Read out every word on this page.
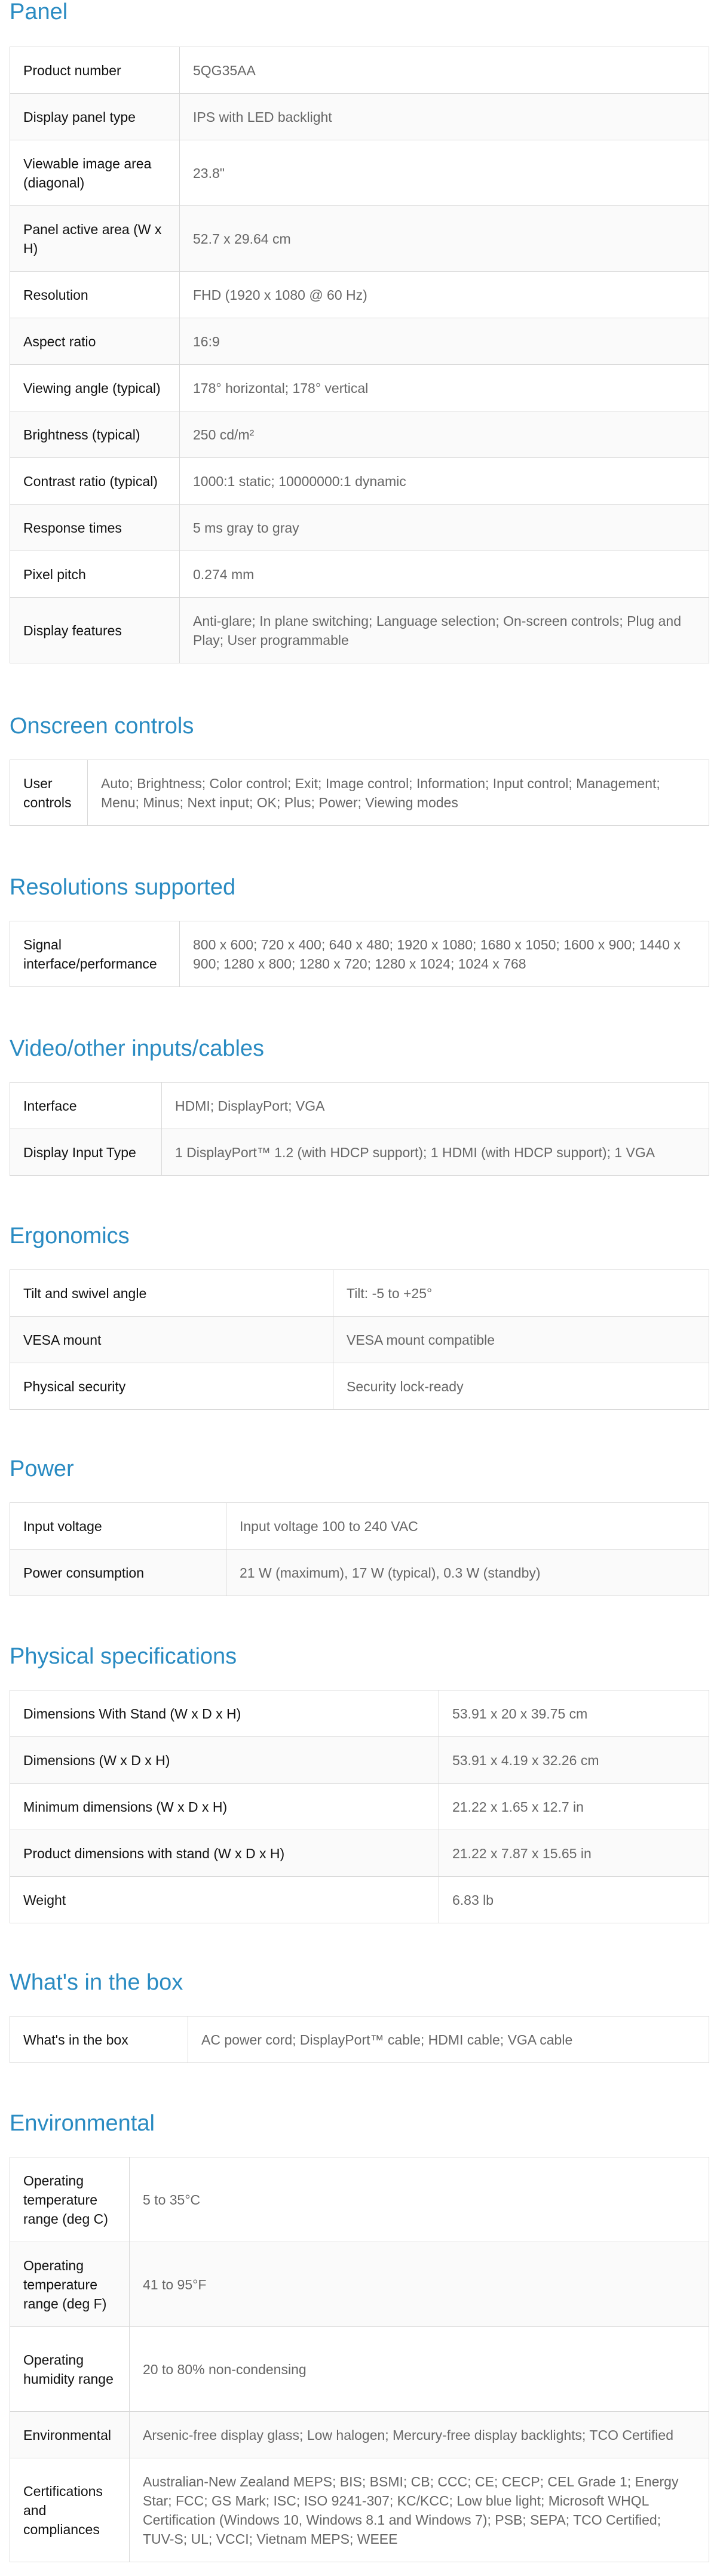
Panel
Product number	5QG35AA
Display panel type	IPS with LED backlight
Viewable image area (diagonal)	23.8"
Panel active area (W x H)	52.7 x 29.64 cm
Resolution	FHD (1920 x 1080 @ 60 Hz)
Aspect ratio	16:9
Viewing angle (typical)	178° horizontal; 178° vertical
Brightness (typical)	250 cd/m²
Contrast ratio (typical)	1000:1 static; 10000000:1 dynamic
Response times	5 ms gray to gray
Pixel pitch	0.274 mm
Display features	Anti-glare; In plane switching; Language selection; On-screen controls; Plug and Play; User programmable
Onscreen controls
User controls	Auto; Brightness; Color control; Exit; Image control; Information; Input control; Management; Menu; Minus; Next input; OK; Plus; Power; Viewing modes
Resolutions supported
Signal interface/performance	800 x 600; 720 x 400; 640 x 480; 1920 x 1080; 1680 x 1050; 1600 x 900; 1440 x 900; 1280 x 800; 1280 x 720; 1280 x 1024; 1024 x 768
Video/other inputs/cables
Interface	HDMI; DisplayPort; VGA
Display Input Type	1 DisplayPort™ 1.2 (with HDCP support); 1 HDMI (with HDCP support); 1 VGA
Ergonomics
Tilt and swivel angle	Tilt: -5 to +25°
VESA mount	VESA mount compatible
Physical security	Security lock-ready
Power
Input voltage	Input voltage 100 to 240 VAC
Power consumption	21 W (maximum), 17 W (typical), 0.3 W (standby)
Physical specifications
Dimensions With Stand (W x D x H)	53.91 x 20 x 39.75 cm
Dimensions (W x D x H)	53.91 x 4.19 x 32.26 cm
Minimum dimensions (W x D x H)	21.22 x 1.65 x 12.7 in
Product dimensions with stand (W x D x H)	21.22 x 7.87 x 15.65 in
Weight	6.83 lb
What's in the box
What's in the box	AC power cord; DisplayPort™ cable; HDMI cable; VGA cable
Environmental
Operating temperature range (deg C)	5 to 35°C
Operating temperature range (deg F)	41 to 95°F
Operating humidity range	20 to 80% non-condensing
Environmental	Arsenic-free display glass; Low halogen; Mercury-free display backlights; TCO Certified
Certifications and compliances	Australian-New Zealand MEPS; BIS; BSMI; CB; CCC; CE; CECP; CEL Grade 1; Energy Star; FCC; GS Mark; ISC; ISO 9241-307; KC/KCC; Low blue light; Microsoft WHQL Certification (Windows 10, Windows 8.1 and Windows 7); PSB; SEPA; TCO Certified; TUV-S; UL; VCCI; Vietnam MEPS; WEEE
